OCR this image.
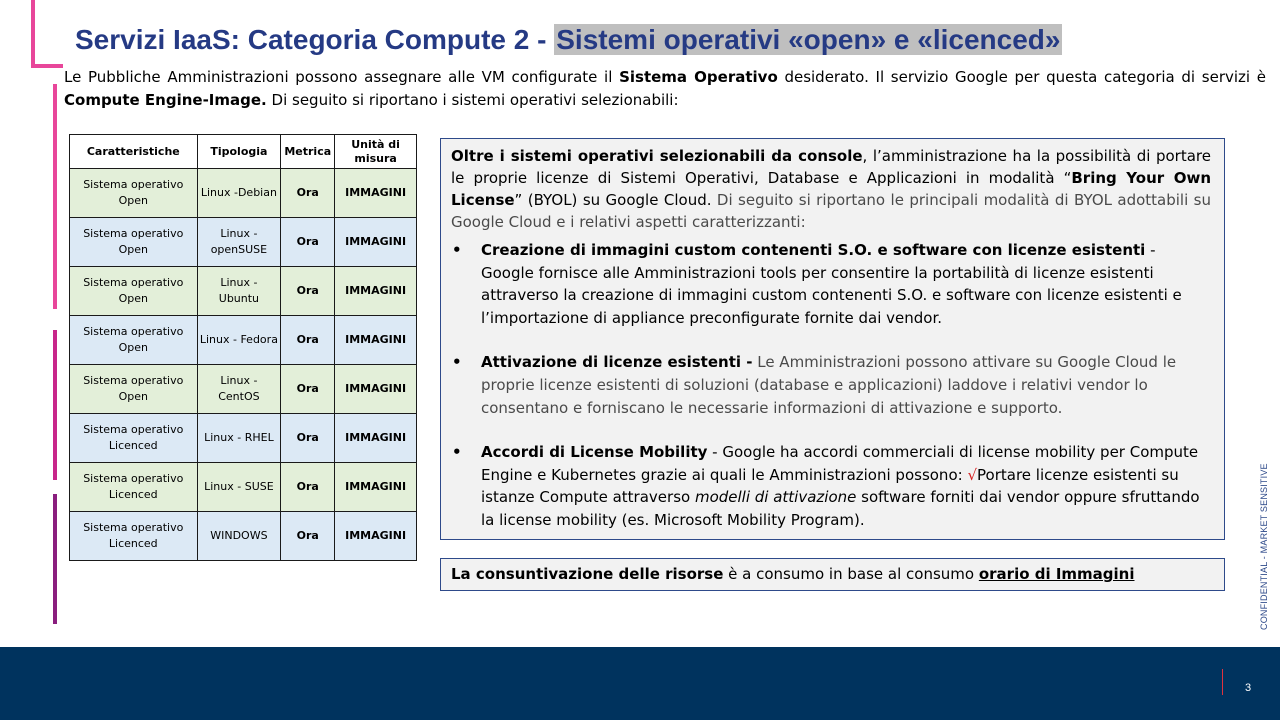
Servizi IaaS: Categoria Compute 2 - Sistemi operativi «open» e «licenced»

Le Pubbliche Amministrazioni possono assegnare alle VM configurate il Sistema Operativo desiderato. Il servizio Google per questa categoria di servizi è Compute Engine-Image. Di seguito si riportano i sistemi operativi selezionabili:

Caratteristiche	Tipologia	Metrica	Unità di misura
Sistema operativo Open	Linux -Debian	Ora	IMMAGINI
Sistema operativo Open	Linux - openSUSE	Ora	IMMAGINI
Sistema operativo Open	Linux - Ubuntu	Ora	IMMAGINI
Sistema operativo Open	Linux - Fedora	Ora	IMMAGINI
Sistema operativo Open	Linux - CentOS	Ora	IMMAGINI
Sistema operativo Licenced	Linux - RHEL	Ora	IMMAGINI
Sistema operativo Licenced	Linux - SUSE	Ora	IMMAGINI
Sistema operativo Licenced	WINDOWS	Ora	IMMAGINI

Oltre i sistemi operativi selezionabili da console, l’amministrazione ha la possibilità di portare le proprie licenze di Sistemi Operativi, Database e Applicazioni in modalità “Bring Your Own License” (BYOL) su Google Cloud. Di seguito si riportano le principali modalità di BYOL adottabili su Google Cloud e i relativi aspetti caratterizzanti:

• Creazione di immagini custom contenenti S.O. e software con licenze esistenti - Google fornisce alle Amministrazioni tools per consentire la portabilità di licenze esistenti attraverso la creazione di immagini custom contenenti S.O. e software con licenze esistenti e l’importazione di appliance preconfigurate fornite dai vendor.
• Attivazione di licenze esistenti - Le Amministrazioni possono attivare su Google Cloud le proprie licenze esistenti di soluzioni (database e applicazioni) laddove i relativi vendor lo consentano e forniscano le necessarie informazioni di attivazione e supporto.
• Accordi di License Mobility - Google ha accordi commerciali di license mobility per Compute Engine e Kubernetes grazie ai quali le Amministrazioni possono: √Portare licenze esistenti su istanze Compute attraverso modelli di attivazione software forniti dai vendor oppure sfruttando la license mobility (es. Microsoft Mobility Program).
La consuntivazione delle risorse è a consumo in base al consumo orario di Immagini	CONFIDENTIAL - MARKET SENSITIVE
3
